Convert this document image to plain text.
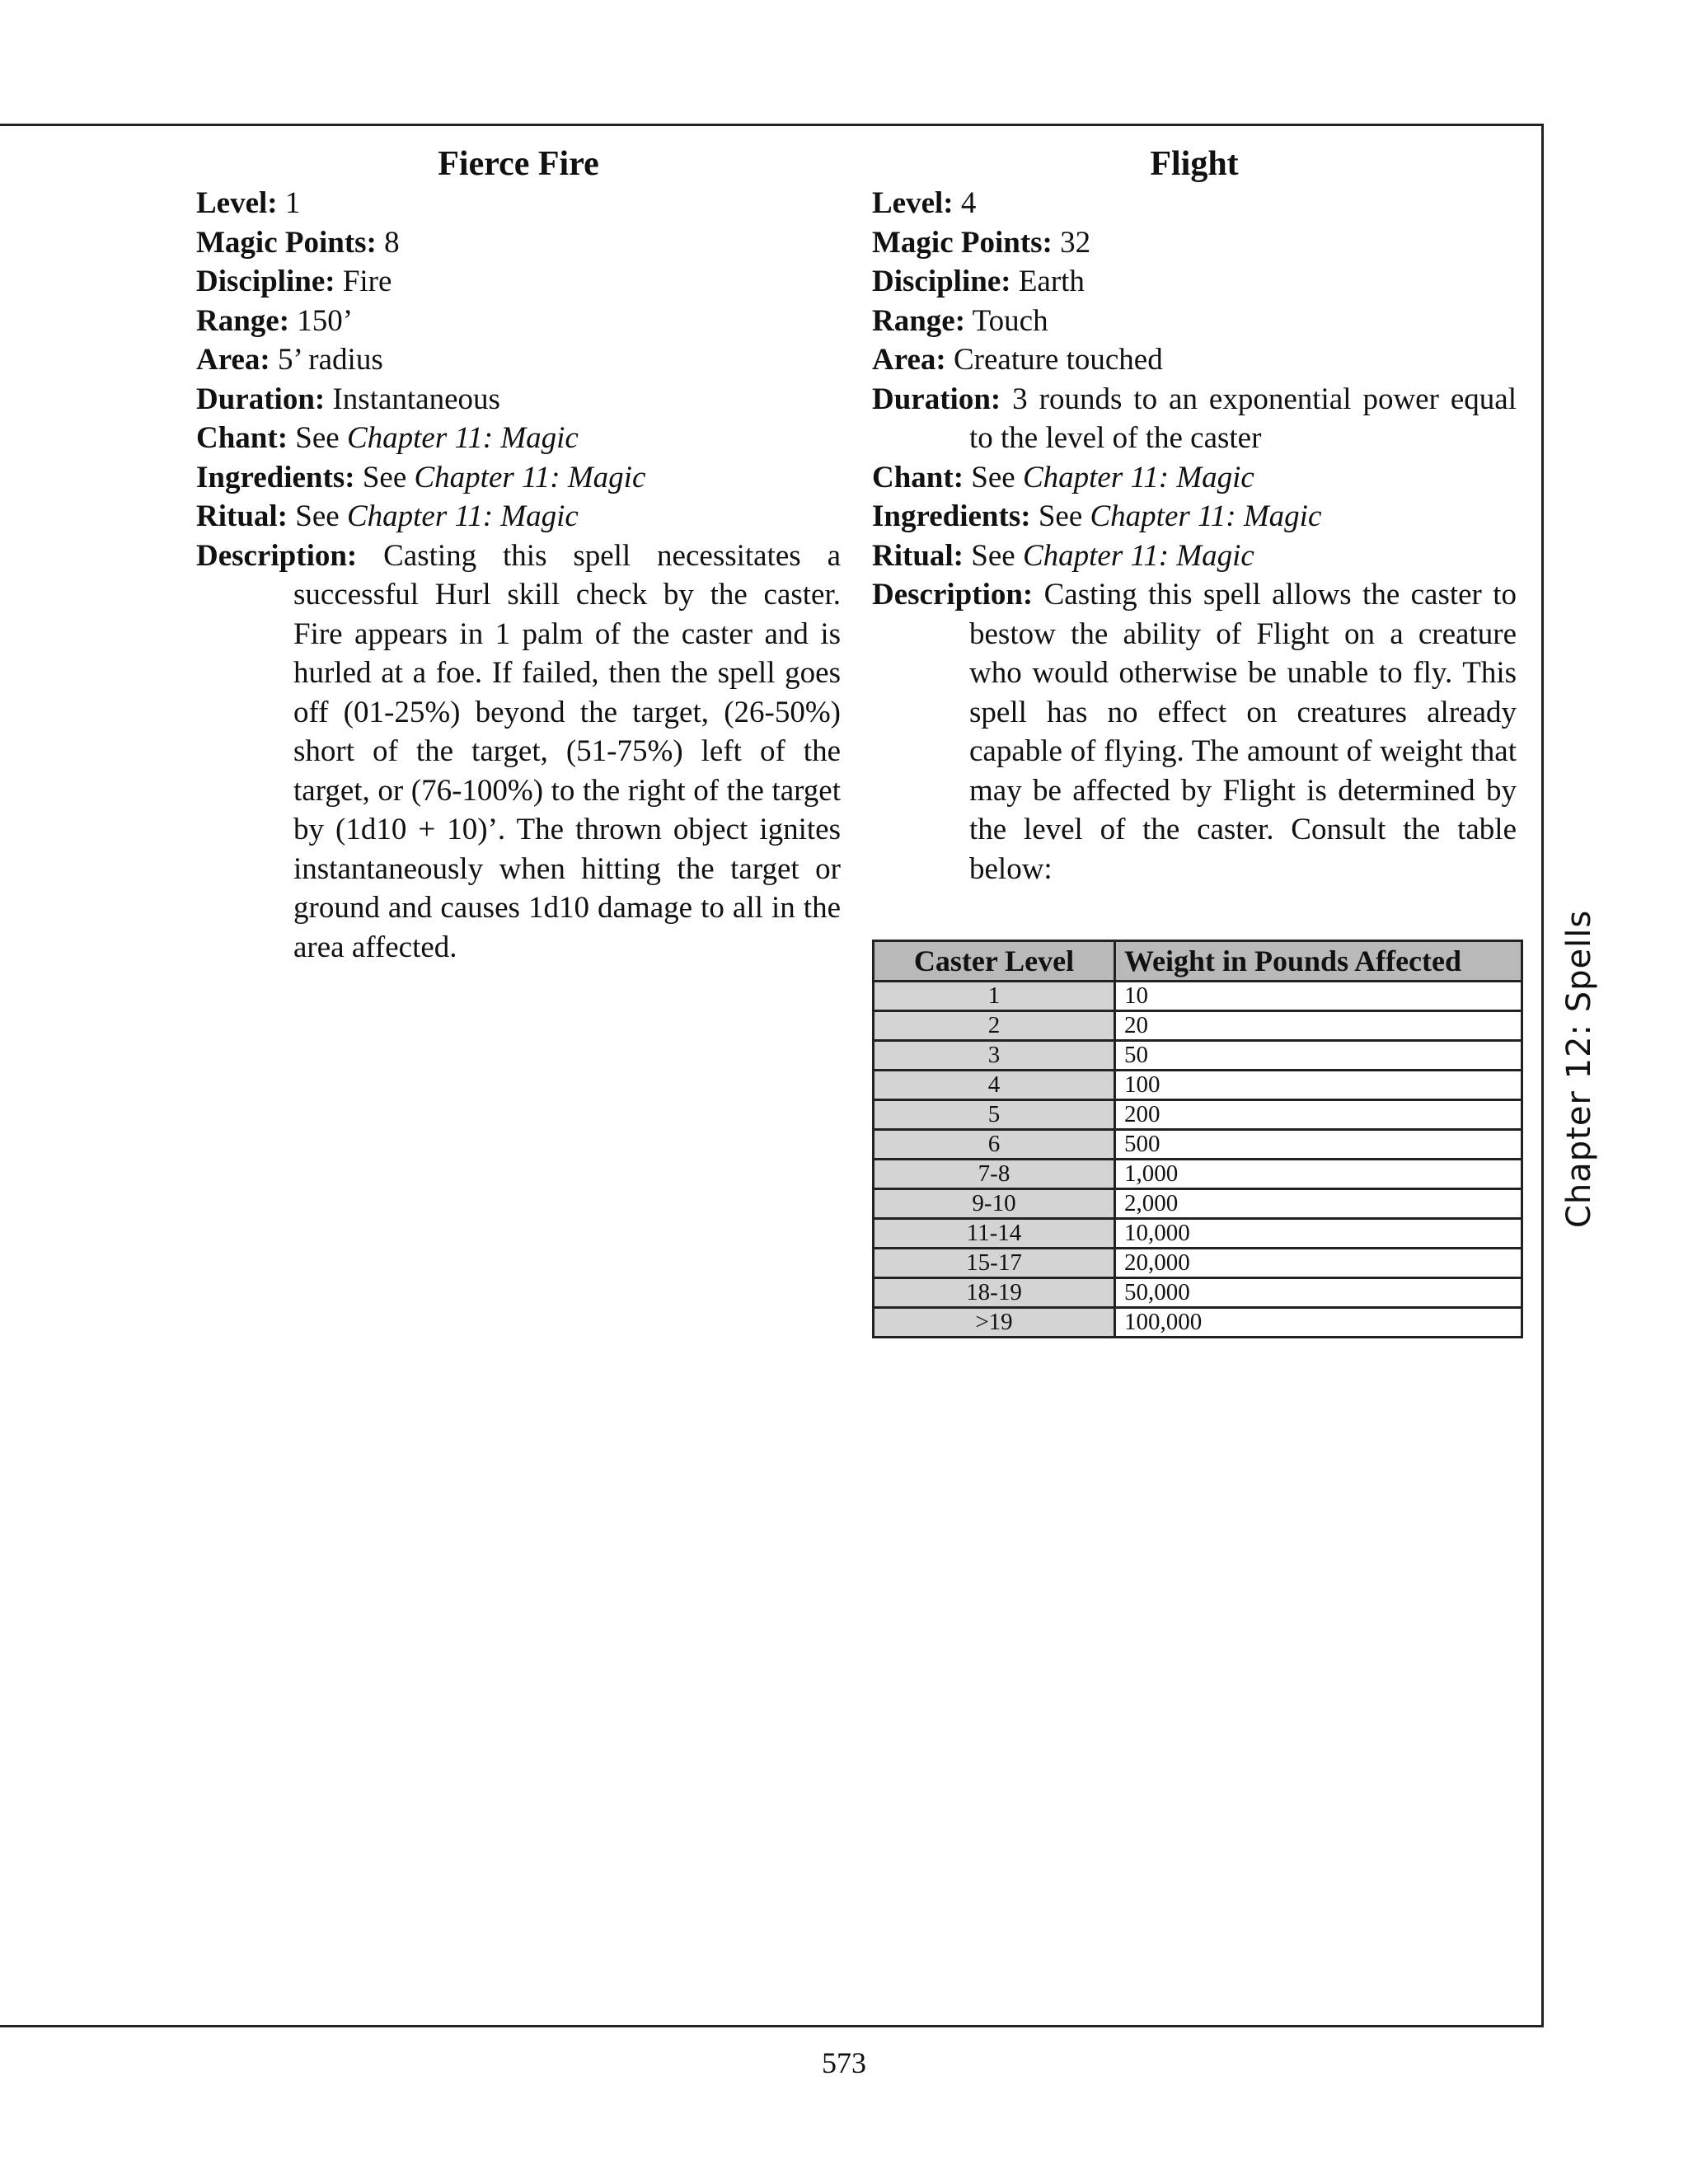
Fierce Fire
Level: 1
Magic Points: 8
Discipline: Fire
Range: 150’
Area: 5’ radius
Duration: Instantaneous
Chant: See Chapter 11: Magic
Ingredients: See Chapter 11: Magic
Ritual: See Chapter 11: Magic
Description: Casting this spell necessitates a successful Hurl skill check by the caster. Fire appears in 1 palm of the caster and is hurled at a foe. If failed, then the spell goes off (01-25%) beyond the target, (26-50%) short of the target, (51-75%) left of the target, or (76-100%) to the right of the target by (1d10 + 10)’. The thrown object ignites instantaneously when hitting the target or ground and causes 1d10 damage to all in the area affected.
Flight
Level: 4
Magic Points: 32
Discipline: Earth
Range: Touch
Area: Creature touched
Duration: 3 rounds to an exponential power equal to the level of the caster
Chant: See Chapter 11: Magic
Ingredients: See Chapter 11: Magic
Ritual: See Chapter 11: Magic
Description: Casting this spell allows the caster to bestow the ability of Flight on a creature who would otherwise be unable to fly. This spell has no effect on creatures already capable of flying. The amount of weight that may be affected by Flight is determined by the level of the caster. Consult the table below:
Caster Level	Weight in Pounds Affected
1	10
2	20
3	50
4	100
5	200
6	500
7-8	1,000
9-10	2,000
11-14	10,000
15-17	20,000
18-19	50,000
>19	100,000
Chapter 12: Spells
573
